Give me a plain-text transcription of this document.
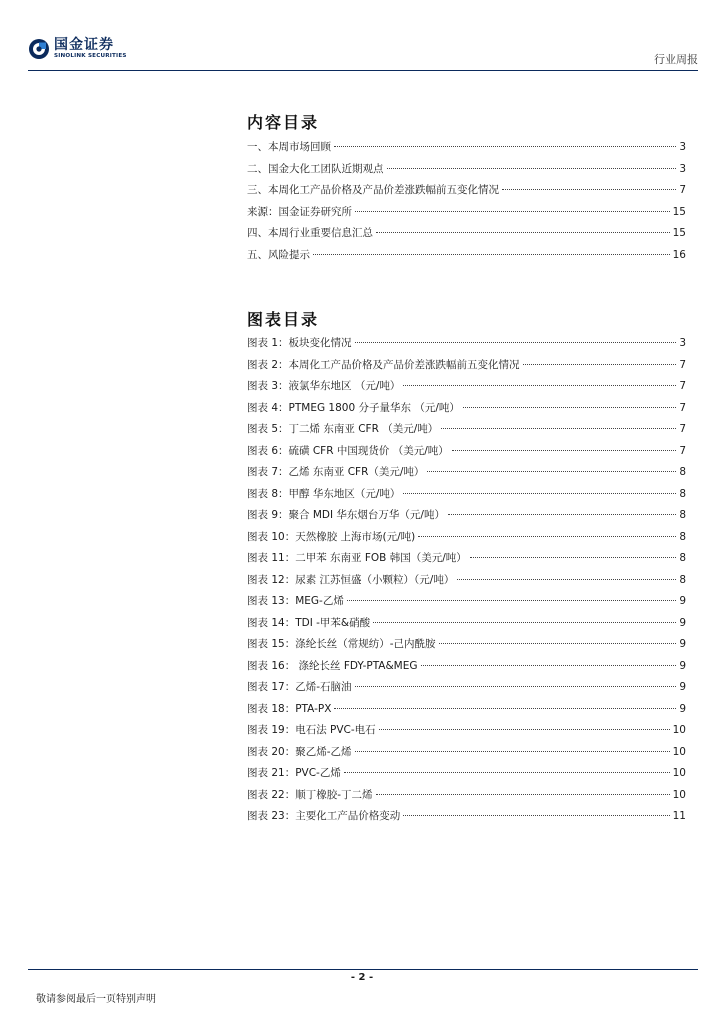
国金证券
SINOLINK SECURITIES	行业周报
内容目录
一、本周市场回顾	3
二、国金大化工团队近期观点	3
三、本周化工产品价格及产品价差涨跌幅前五变化情况	7
来源：国金证券研究所	15
四、本周行业重要信息汇总	15
五、风险提示	16
图表目录
图表 1：板块变化情况	3
图表 2：本周化工产品价格及产品价差涨跌幅前五变化情况	7
图表 3：液氯华东地区 （元/吨）	7
图表 4：PTMEG 1800 分子量华东 （元/吨）	7
图表 5：丁二烯 东南亚 CFR （美元/吨）	7
图表 6：硫磺 CFR 中国现货价 （美元/吨）	7
图表 7：乙烯 东南亚 CFR（美元/吨）	8
图表 8：甲醇 华东地区（元/吨）	8
图表 9：聚合 MDI 华东烟台万华（元/吨）	8
图表 10：天然橡胶 上海市场(元/吨)	8
图表 11：二甲苯 东南亚 FOB 韩国（美元/吨）	8
图表 12：尿素 江苏恒盛（小颗粒）（元/吨）	8
图表 13：MEG-乙烯	9
图表 14：TDI -甲苯&硝酸	9
图表 15：涤纶长丝（常规纺）-己内酰胺	9
图表 16： 涤纶长丝 FDY-PTA&MEG	9
图表 17：乙烯-石脑油	9
图表 18：PTA-PX	9
图表 19：电石法 PVC-电石	10
图表 20：聚乙烯-乙烯	10
图表 21：PVC-乙烯	10
图表 22：顺丁橡胶-丁二烯	10
图表 23：主要化工产品价格变动	11
- 2 -
敬请参阅最后一页特别声明
